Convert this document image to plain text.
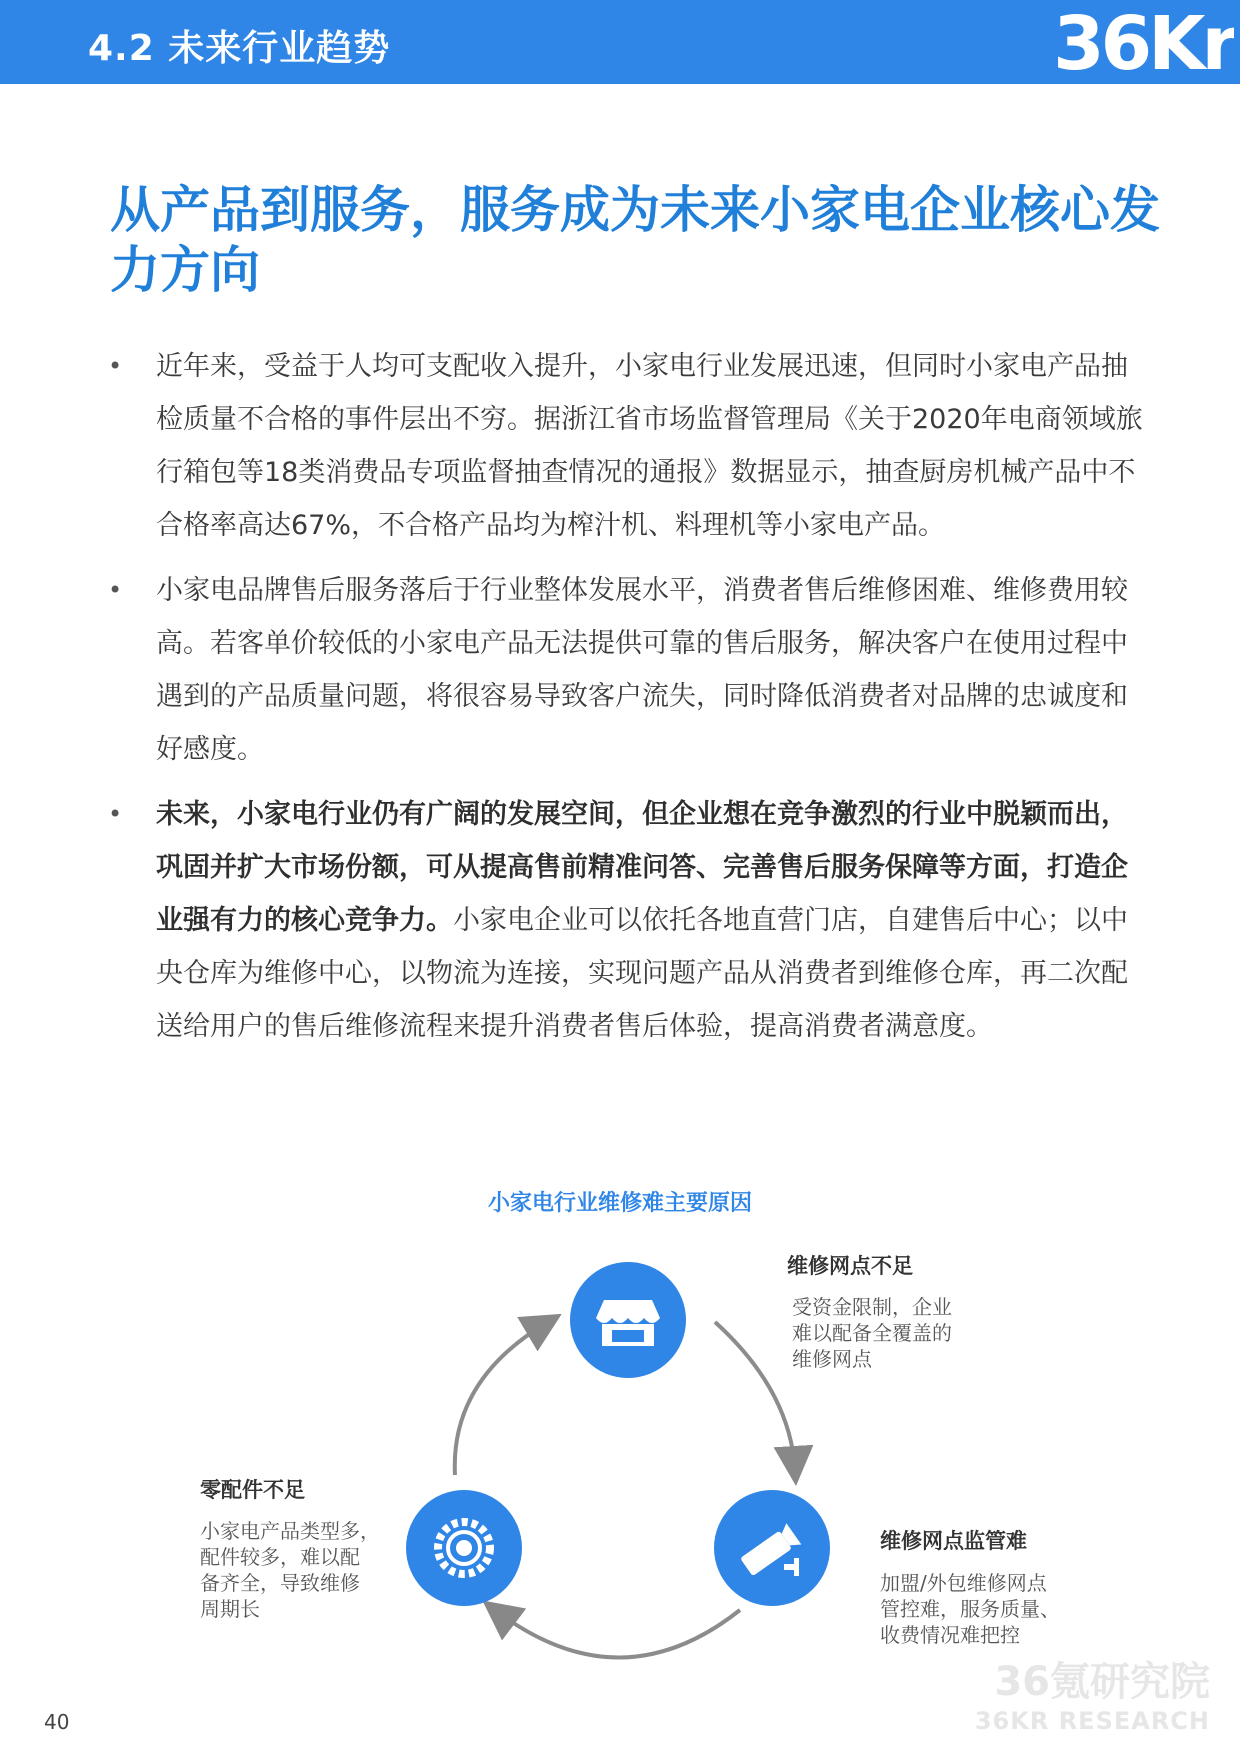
4.2 未来行业趋势	36Kr
从产品到服务，服务成为未来小家电企业核心发力方向
• 近年来，受益于人均可支配收入提升，小家电行业发展迅速，但同时小家电产品抽检质量不合格的事件层出不穷。据浙江省市场监督管理局《关于2020年电商领域旅行箱包等18类消费品专项监督抽查情况的通报》数据显示，抽查厨房机械产品中不合格率高达67%，不合格产品均为榨汁机、料理机等小家电产品。
• 小家电品牌售后服务落后于行业整体发展水平，消费者售后维修困难、维修费用较高。若客单价较低的小家电产品无法提供可靠的售后服务，解决客户在使用过程中遇到的产品质量问题，将很容易导致客户流失，同时降低消费者对品牌的忠诚度和好感度。
• 未来，小家电行业仍有广阔的发展空间，但企业想在竞争激烈的行业中脱颖而出，巩固并扩大市场份额，可从提高售前精准问答、完善售后服务保障等方面，打造企业强有力的核心竞争力。小家电企业可以依托各地直营门店，自建售后中心；以中央仓库为维修中心，以物流为连接，实现问题产品从消费者到维修仓库，再二次配送给用户的售后维修流程来提升消费者售后体验，提高消费者满意度。
小家电行业维修难主要原因
维修网点不足
受资金限制，企业
难以配备全覆盖的
维修网点
维修网点监管难
加盟/外包维修网点
管控难，服务质量、
收费情况难把控
零配件不足
小家电产品类型多，
配件较多，难以配
备齐全，导致维修
周期长
36氪研究院
36KR RESEARCH
40
